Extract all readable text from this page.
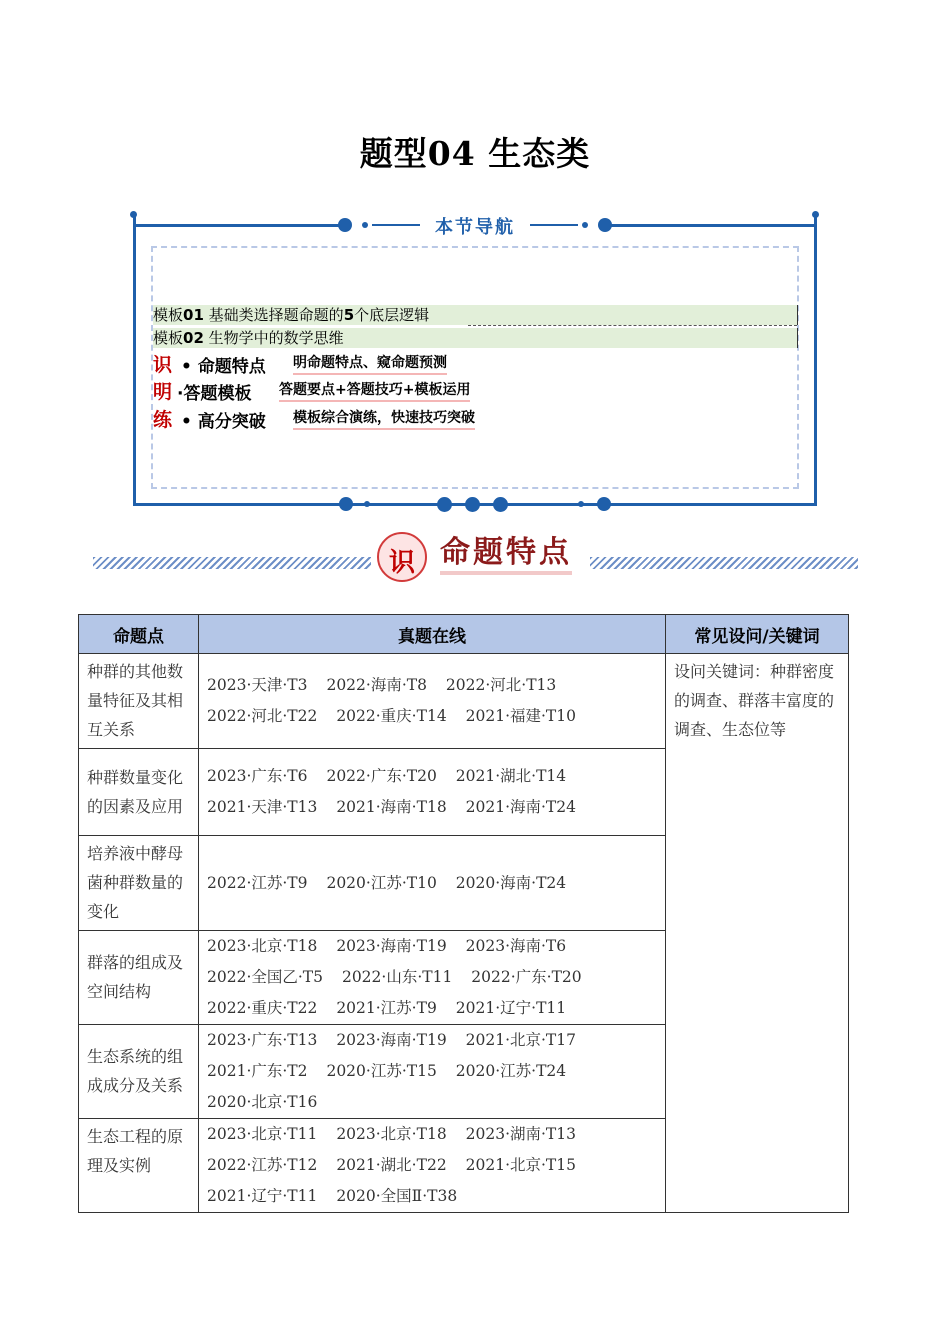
题型04 生态类
本节导航
模板01 基础类选择题命题的5个底层逻辑
模板02 生物学中的数学思维
识 • 命题特点 明命题特点、窥命题预测
明 ·答题模板 答题要点+答题技巧+模板运用
练 • 高分突破 模板综合演练，快速技巧突破
识 命题特点
命题点	真题在线	常见设问/关键词
种群的其他数量特征及其相互关系	2023·天津·T3 2022·海南·T8 2022·河北·T13 2022·河北·T22 2022·重庆·T14 2021·福建·T10	设问关键词：种群密度的调查、群落丰富度的调查、生态位等
种群数量变化的因素及应用	2023·广东·T6 2022·广东·T20 2021·湖北·T14 2021·天津·T13 2021·海南·T18 2021·海南·T24	
培养液中酵母菌种群数量的变化	2022·江苏·T9 2020·江苏·T10 2020·海南·T24	
群落的组成及空间结构	2023·北京·T18 2023·海南·T19 2023·海南·T6 2022·全国乙·T5 2022·山东·T11 2022·广东·T20 2022·重庆·T22 2021·江苏·T9 2021·辽宁·T11	
生态系统的组成成分及关系	2023·广东·T13 2023·海南·T19 2021·北京·T17 2021·广东·T2 2020·江苏·T15 2020·江苏·T24 2020·北京·T16	
生态工程的原理及实例	2023·北京·T11 2023·北京·T18 2023·湖南·T13 2022·江苏·T12 2021·湖北·T22 2021·北京·T15 2021·辽宁·T11 2020·全国Ⅱ·T38	
